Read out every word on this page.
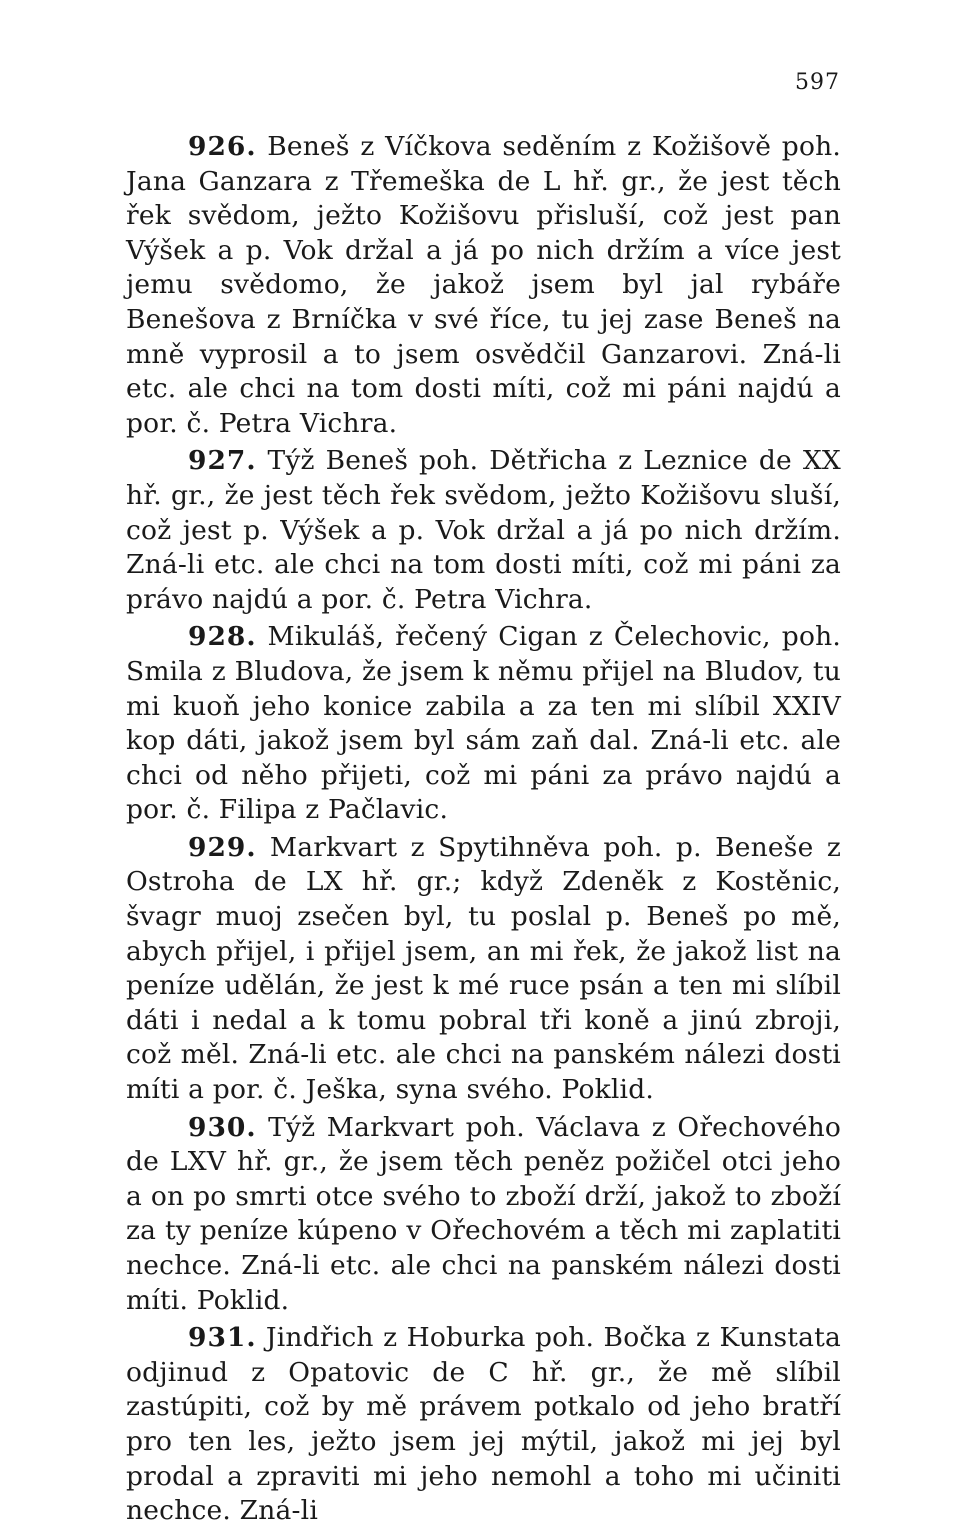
597

926. Beneš z Víčkova seděním z Kožišově poh. Jana Ganzara z Třemeška de L hř. gr., že jest těch řek svědom, ježto Kožišovu přisluší, což jest pan Výšek a p. Vok držal a já po nich držím a více jest jemu svědomo, že jakož jsem byl jal rybáře Benešova z Brníčka v své říce, tu jej zase Beneš na mně vyprosil a to jsem osvědčil Ganzarovi. Zná-li etc. ale chci na tom dosti míti, což mi páni najdú a por. č. Petra Vichra.

927. Týž Beneš poh. Dětřicha z Leznice de XX hř. gr., že jest těch řek svědom, ježto Kožišovu sluší, což jest p. Výšek a p. Vok držal a já po nich držím. Zná-li etc. ale chci na tom dosti míti, což mi páni za právo najdú a por. č. Petra Vichra.

928. Mikuláš, řečený Cigan z Čelechovic, poh. Smila z Bludova, že jsem k němu přijel na Bludov, tu mi kuoň jeho konice zabila a za ten mi slíbil XXIV kop dáti, jakož jsem byl sám zaň dal. Zná-li etc. ale chci od něho přijeti, což mi páni za právo najdú a por. č. Filipa z Pačlavic.

929. Markvart z Spytihněva poh. p. Beneše z Ostroha de LX hř. gr.; když Zdeněk z Kostěnic, švagr muoj zsečen byl, tu poslal p. Beneš po mě, abych přijel, i přijel jsem, an mi řek, že jakož list na peníze udělán, že jest k mé ruce psán a ten mi slíbil dáti i nedal a k tomu pobral tři koně a jinú zbroji, což měl. Zná-li etc. ale chci na panském nálezi dosti míti a por. č. Ješka, syna svého. Poklid.

930. Týž Markvart poh. Václava z Ořechového de LXV hř. gr., že jsem těch peněz požičel otci jeho a on po smrti otce svého to zboží drží, jakož to zboží za ty peníze kúpeno v Ořechovém a těch mi zaplatiti nechce. Zná-li etc. ale chci na panském nálezi dosti míti. Poklid.

931. Jindřich z Hoburka poh. Bočka z Kunstata odjinud z Opatovic de C hř. gr., že mě slíbil zastúpiti, což by mě právem potkalo od jeho bratří pro ten les, ježto jsem jej mýtil, jakož mi jej byl prodal a zpraviti mi jeho nemohl a toho mi učiniti nechce. Zná-li
